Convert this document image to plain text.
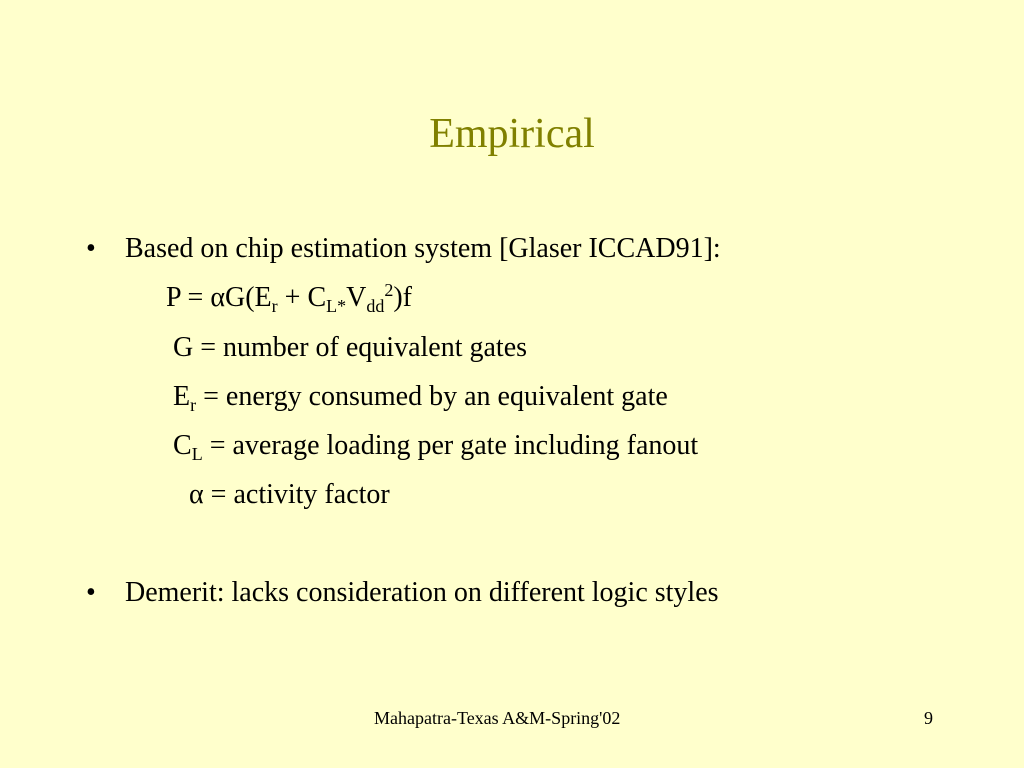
Empirical
• Based on chip estimation system [Glaser ICCAD91]:
$P = \alpha G(E_r + C_{L*}V_{dd}^2)f$
G = number of equivalent gates
$E_r$ = energy consumed by an equivalent gate
$C_L$ = average loading per gate including fanout
α = activity factor
• Demerit: lacks consideration on different logic styles
Mahapatra-Texas A&M-Spring'02	9
